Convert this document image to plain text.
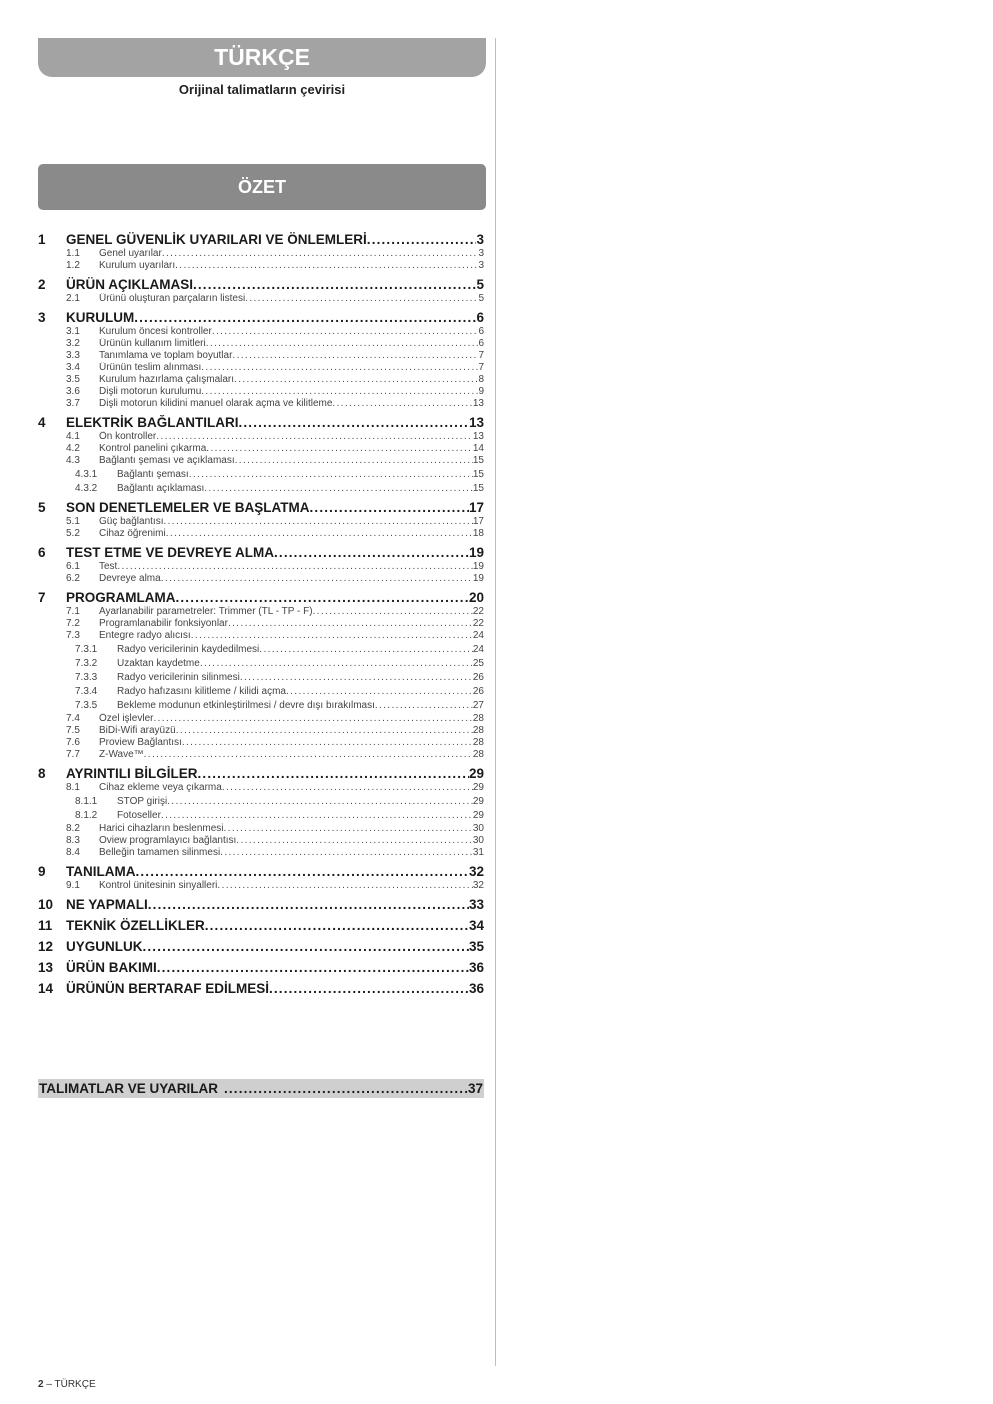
TÜRKÇE
Orijinal talimatların çevirisi
ÖZET
1	GENEL GÜVENLİK UYARILARI VE ÖNLEMLERİ . . .	3
1.1	Genel uyarılar . . .	3
1.2	Kurulum uyarıları . . .	3
2	ÜRÜN AÇIKLAMASI . . .	5
2.1	Ürünü oluşturan parçaların listesi . . .	5
3	KURULUM . . .	6
3.1	Kurulum öncesi kontroller . . .	6
3.2	Ürünün kullanım limitleri . . .	6
3.3	Tanımlama ve toplam boyutlar . . .	7
3.4	Ürünün teslim alınması . . .	7
3.5	Kurulum hazırlama çalışmaları . . .	8
3.6	Dişli motorun kurulumu . . .	9
3.7	Dişli motorun kilidini manuel olarak açma ve kilitleme . . .	13
4	ELEKTRİK BAĞLANTILARI . . .	13
4.1	Ön kontroller . . .	13
4.2	Kontrol panelini çıkarma . . .	14
4.3	Bağlantı şeması ve açıklaması . . .	15
4.3.1	Bağlantı şeması . . .	15
4.3.2	Bağlantı açıklaması . . .	15
5	SON DENETLEMELER VE BAŞLATMA . . .	17
5.1	Güç bağlantısı . . .	17
5.2	Cihaz öğrenimi . . .	18
6	TEST ETME VE DEVREYE ALMA . . .	19
6.1	Test . . .	19
6.2	Devreye alma . . .	19
7	PROGRAMLAMA . . .	20
7.1	Ayarlanabilir parametreler: Trimmer (TL - TP - F) . . .	22
7.2	Programlanabilir fonksiyonlar . . .	22
7.3	Entegre radyo alıcısı . . .	24
7.3.1	Radyo vericilerinin kaydedilmesi . . .	24
7.3.2	Uzaktan kaydetme . . .	25
7.3.3	Radyo vericilerinin silinmesi . . .	26
7.3.4	Radyo hafızasını kilitleme / kilidi açma . . .	26
7.3.5	Bekleme modunun etkinleştirilmesi / devre dışı bırakılması . . .	27
7.4	Özel işlevler . . .	28
7.5	BiDi-Wifi arayüzü . . .	28
7.6	Proview Bağlantısı . . .	28
7.7	Z-Wave™ . . .	28
8	AYRINTILI BİLGİLER . . .	29
8.1	Cihaz ekleme veya çıkarma . . .	29
8.1.1	STOP girişi . . .	29
8.1.2	Fotoseller . . .	29
8.2	Harici cihazların beslenmesi . . .	30
8.3	Oview programlayıcı bağlantısı . . .	30
8.4	Belleğin tamamen silinmesi . . .	31
9	TANILAMA . . .	32
9.1	Kontrol ünitesinin sinyalleri . . .	32
10 NE YAPMALI . . .	33
11	TEKNİK ÖZELLİKLER . . .	34
12 UYGUNLUK . . .	35
13 ÜRÜN BAKIMI . . .	36
14 ÜRÜNÜN BERTARAF EDİLMESİ . . .	36
TALIMATLAR VE UYARILAR . . .	.37
2 – TÜRKÇE
